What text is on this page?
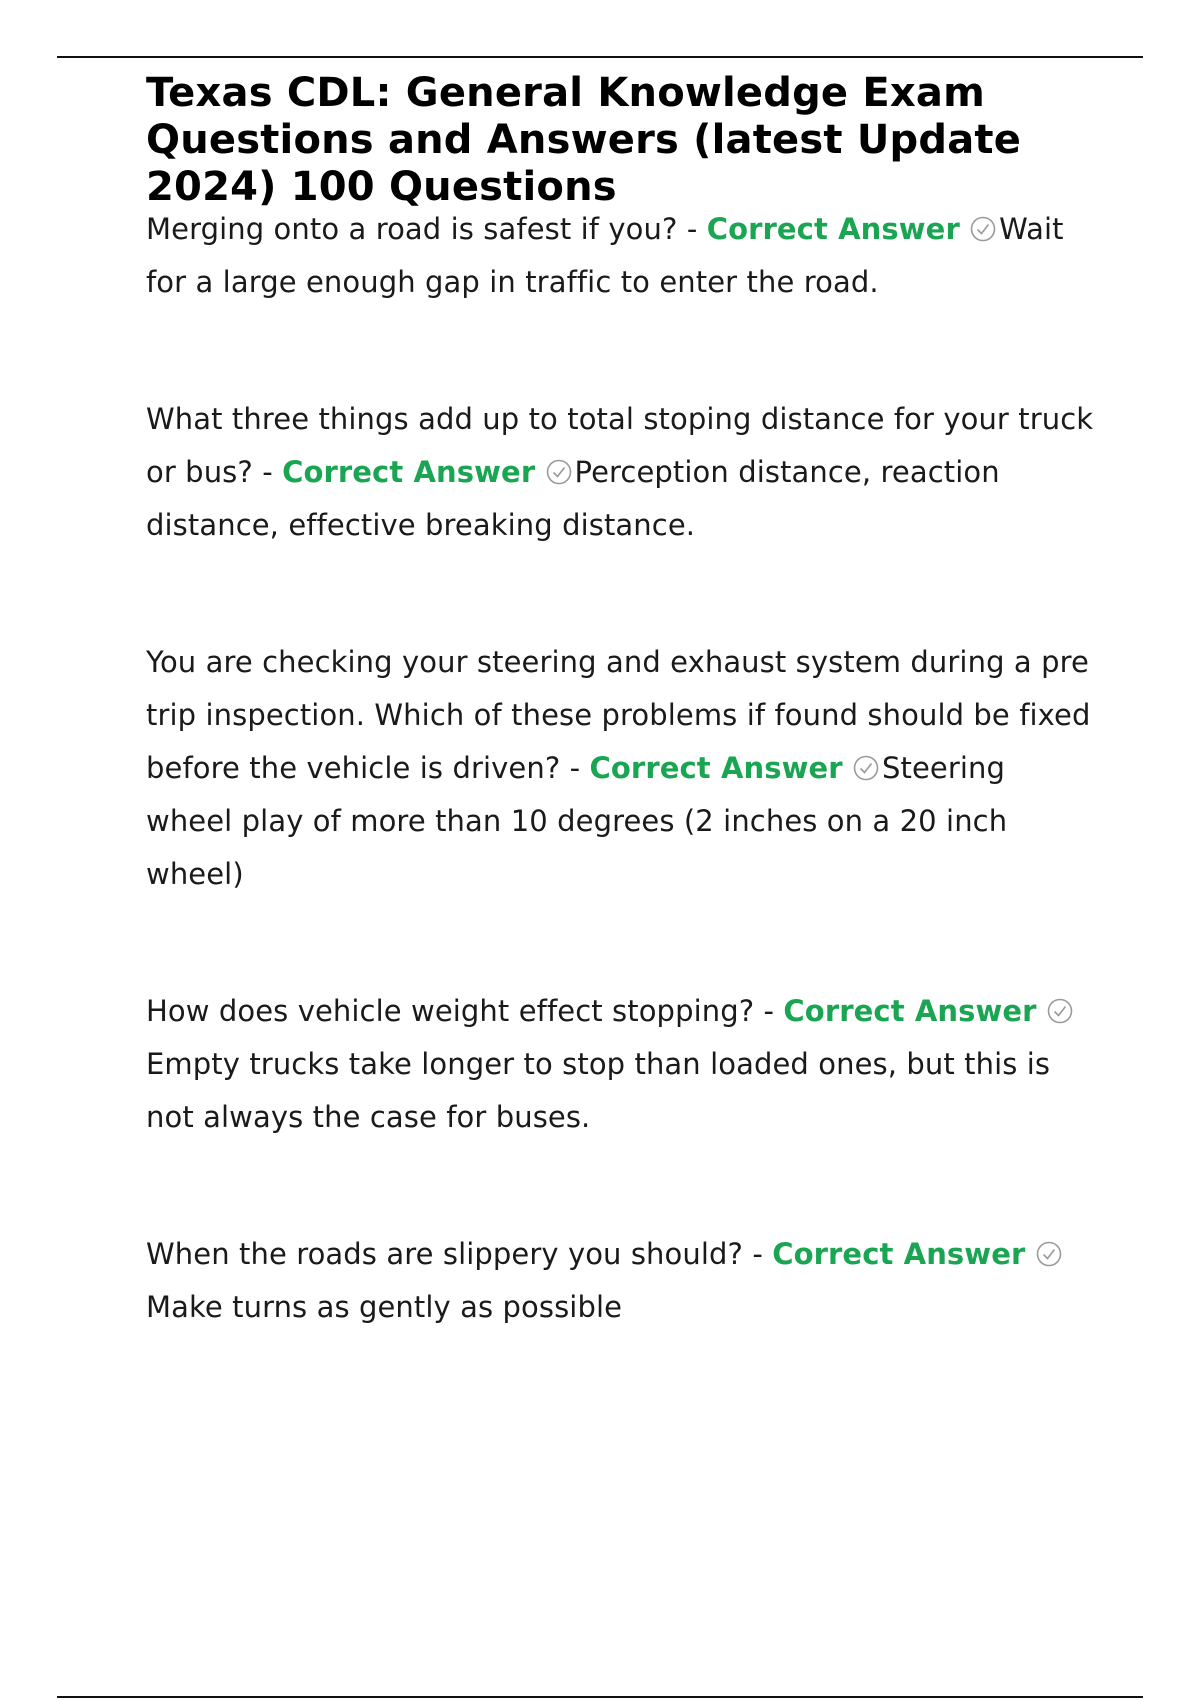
Texas CDL: General Knowledge Exam Questions and Answers (latest Update 2024) 100 Questions

Merging onto a road is safest if you? - Correct Answer Wait for a large enough gap in traffic to enter the road.

What three things add up to total stoping distance for your truck or bus? - Correct Answer Perception distance, reaction distance, effective breaking distance.

You are checking your steering and exhaust system during a pre trip inspection. Which of these problems if found should be fixed before the vehicle is driven? - Correct Answer Steering wheel play of more than 10 degrees (2 inches on a 20 inch wheel)

How does vehicle weight effect stopping? - Correct Answer
Empty trucks take longer to stop than loaded ones, but this is not always the case for buses.

When the roads are slippery you should? - Correct Answer
Make turns as gently as possible
